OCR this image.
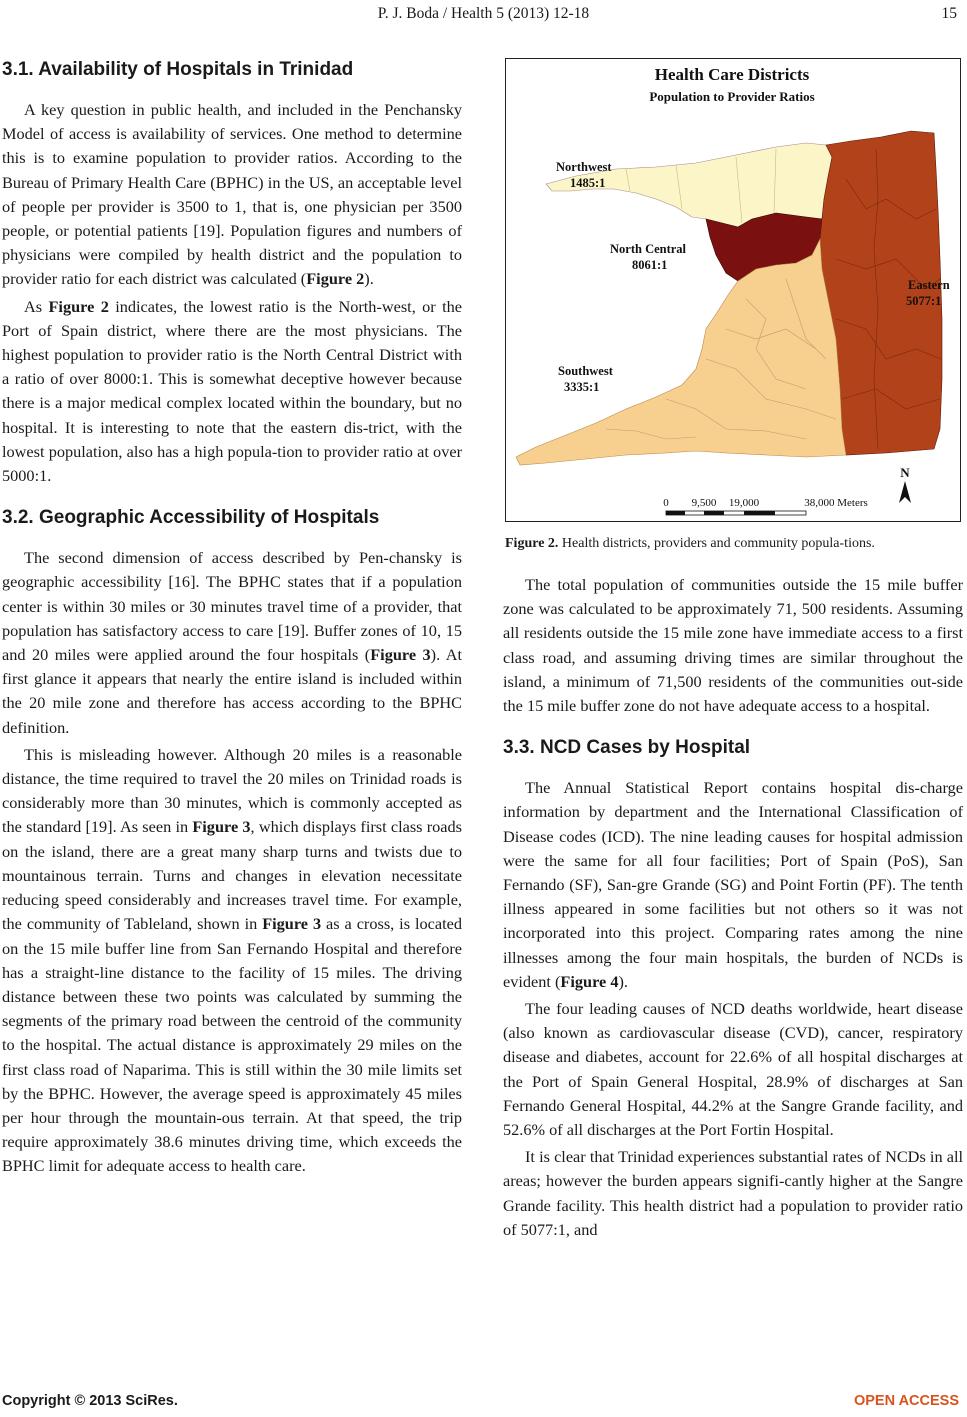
P. J. Boda / Health 5 (2013) 12-18	15
3.1. Availability of Hospitals in Trinidad

A key question in public health, and included in the Penchansky Model of access is availability of services. One method to determine this is to examine population to provider ratios. According to the Bureau of Primary Health Care (BPHC) in the US, an acceptable level of people per provider is 3500 to 1, that is, one physician per 3500 people, or potential patients [19]. Population figures and numbers of physicians were compiled by health district and the population to provider ratio for each district was calculated (Figure 2).

As Figure 2 indicates, the lowest ratio is the North-west, or the Port of Spain district, where there are the most physicians. The highest population to provider ratio is the North Central District with a ratio of over 8000:1. This is somewhat deceptive however because there is a major medical complex located within the boundary, but no hospital. It is interesting to note that the eastern dis-trict, with the lowest population, also has a high popula-tion to provider ratio at over 5000:1.

3.2. Geographic Accessibility of Hospitals

The second dimension of access described by Pen-chansky is geographic accessibility [16]. The BPHC states that if a population center is within 30 miles or 30 minutes travel time of a provider, that population has satisfactory access to care [19]. Buffer zones of 10, 15 and 20 miles were applied around the four hospitals (Figure 3). At first glance it appears that nearly the entire island is included within the 20 mile zone and therefore has access according to the BPHC definition.

This is misleading however. Although 20 miles is a reasonable distance, the time required to travel the 20 miles on Trinidad roads is considerably more than 30 minutes, which is commonly accepted as the standard [19]. As seen in Figure 3, which displays first class roads on the island, there are a great many sharp turns and twists due to mountainous terrain. Turns and changes in elevation necessitate reducing speed considerably and increases travel time. For example, the community of Tableland, shown in Figure 3 as a cross, is located on the 15 mile buffer line from San Fernando Hospital and therefore has a straight-line distance to the facility of 15 miles. The driving distance between these two points was calculated by summing the segments of the primary road between the centroid of the community to the hospital. The actual distance is approximately 29 miles on the first class road of Naparima. This is still within the 30 mile limits set by the BPHC. However, the average speed is approximately 45 miles per hour through the mountain-ous terrain. At that speed, the trip require approximately 38.6 minutes driving time, which exceeds the BPHC limit for adequate access to health care.

Health Care Districts
Population to Provider Ratios
Northwest
1485:1
North Central
8061:1
Eastern
5077:1
Southwest
3335:1
N
0 9,500 19,000	38,000 Meters
Figure 2. Health districts, providers and community popula-tions.

The total population of communities outside the 15 mile buffer zone was calculated to be approximately 71, 500 residents. Assuming all residents outside the 15 mile zone have immediate access to a first class road, and assuming driving times are similar throughout the island, a minimum of 71,500 residents of the communities out-side the 15 mile buffer zone do not have adequate access to a hospital.

3.3. NCD Cases by Hospital

The Annual Statistical Report contains hospital dis-charge information by department and the International Classification of Disease codes (ICD). The nine leading causes for hospital admission were the same for all four facilities; Port of Spain (PoS), San Fernando (SF), San-gre Grande (SG) and Point Fortin (PF). The tenth illness appeared in some facilities but not others so it was not incorporated into this project. Comparing rates among the nine illnesses among the four main hospitals, the burden of NCDs is evident (Figure 4).

The four leading causes of NCD deaths worldwide, heart disease (also known as cardiovascular disease (CVD), cancer, respiratory disease and diabetes, account for 22.6% of all hospital discharges at the Port of Spain General Hospital, 28.9% of discharges at San Fernando General Hospital, 44.2% at the Sangre Grande facility, and 52.6% of all discharges at the Port Fortin Hospital.

It is clear that Trinidad experiences substantial rates of NCDs in all areas; however the burden appears signifi-cantly higher at the Sangre Grande facility. This health district had a population to provider ratio of 5077:1, and

Copyright © 2013 SciRes.	OPEN ACCESS
